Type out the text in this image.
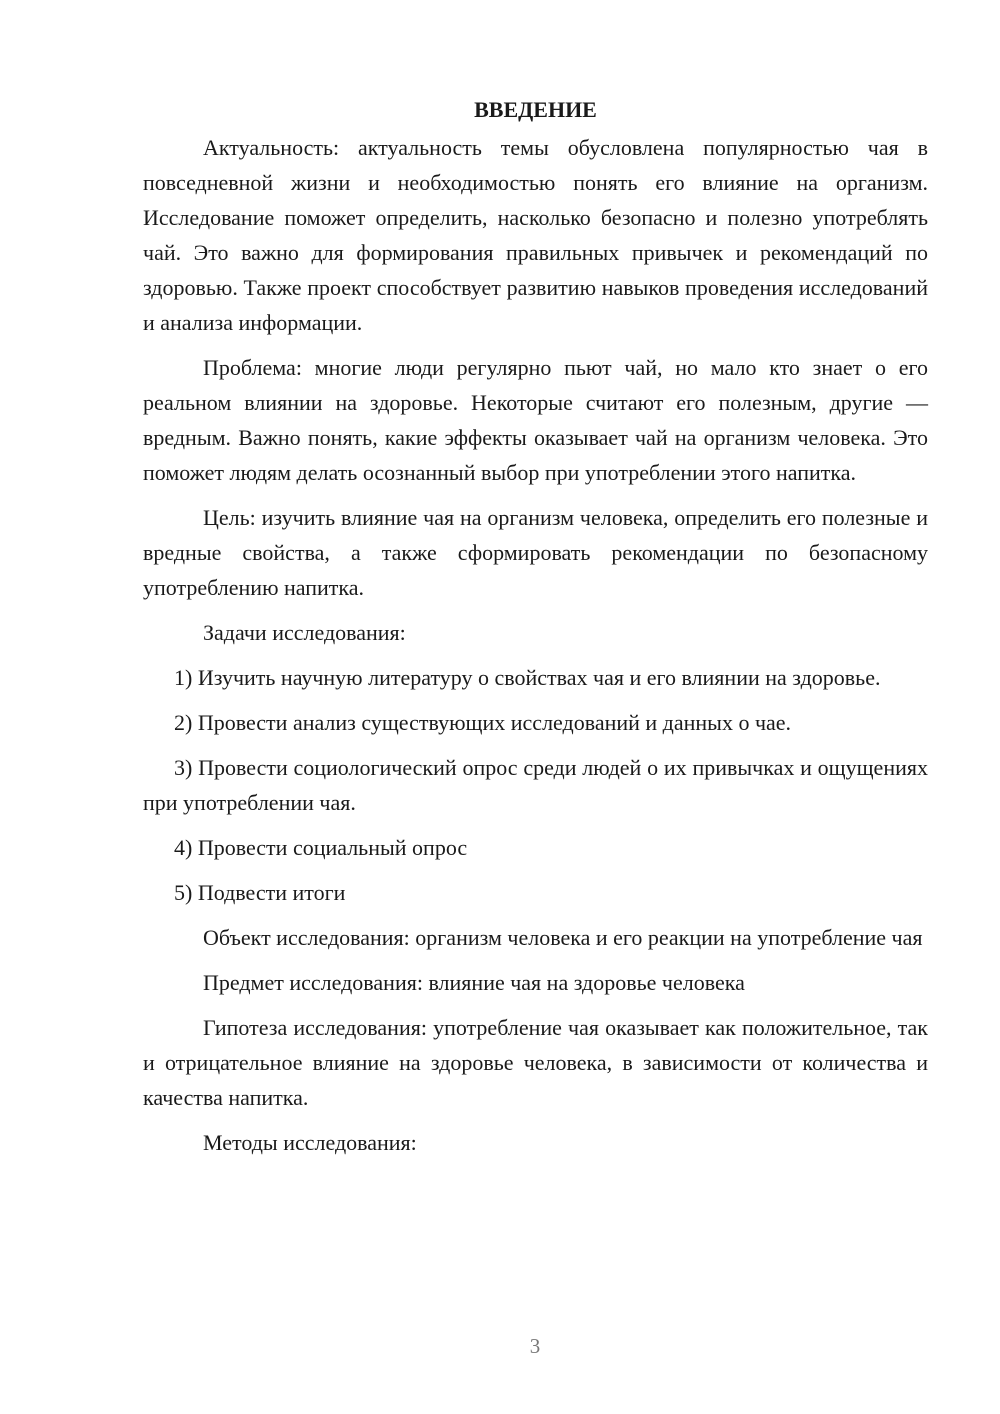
ВВЕДЕНИЕ

Актуальность: актуальность темы обусловлена популярностью чая в повседневной жизни и необходимостью понять его влияние на организм. Исследование поможет определить, насколько безопасно и полезно употреблять чай. Это важно для формирования правильных привычек и рекомендаций по здоровью. Также проект способствует развитию навыков проведения исследований и анализа информации.

Проблема: многие люди регулярно пьют чай, но мало кто знает о его реальном влиянии на здоровье. Некоторые считают его полезным, другие — вредным. Важно понять, какие эффекты оказывает чай на организм человека. Это поможет людям делать осознанный выбор при употреблении этого напитка.

Цель: изучить влияние чая на организм человека, определить его полезные и вредные свойства, а также сформировать рекомендации по безопасному употреблению напитка.

Задачи исследования:

1) Изучить научную литературу о свойствах чая и его влиянии на здоровье.

2) Провести анализ существующих исследований и данных о чае.

3) Провести социологический опрос среди людей о их привычках и ощущениях при употреблении чая.

4) Провести социальный опрос

5) Подвести итоги

Объект исследования: организм человека и его реакции на употребление чая

Предмет исследования: влияние чая на здоровье человека

Гипотеза исследования: употребление чая оказывает как положительное, так и отрицательное влияние на здоровье человека, в зависимости от количества и качества напитка.

Методы исследования:

3
